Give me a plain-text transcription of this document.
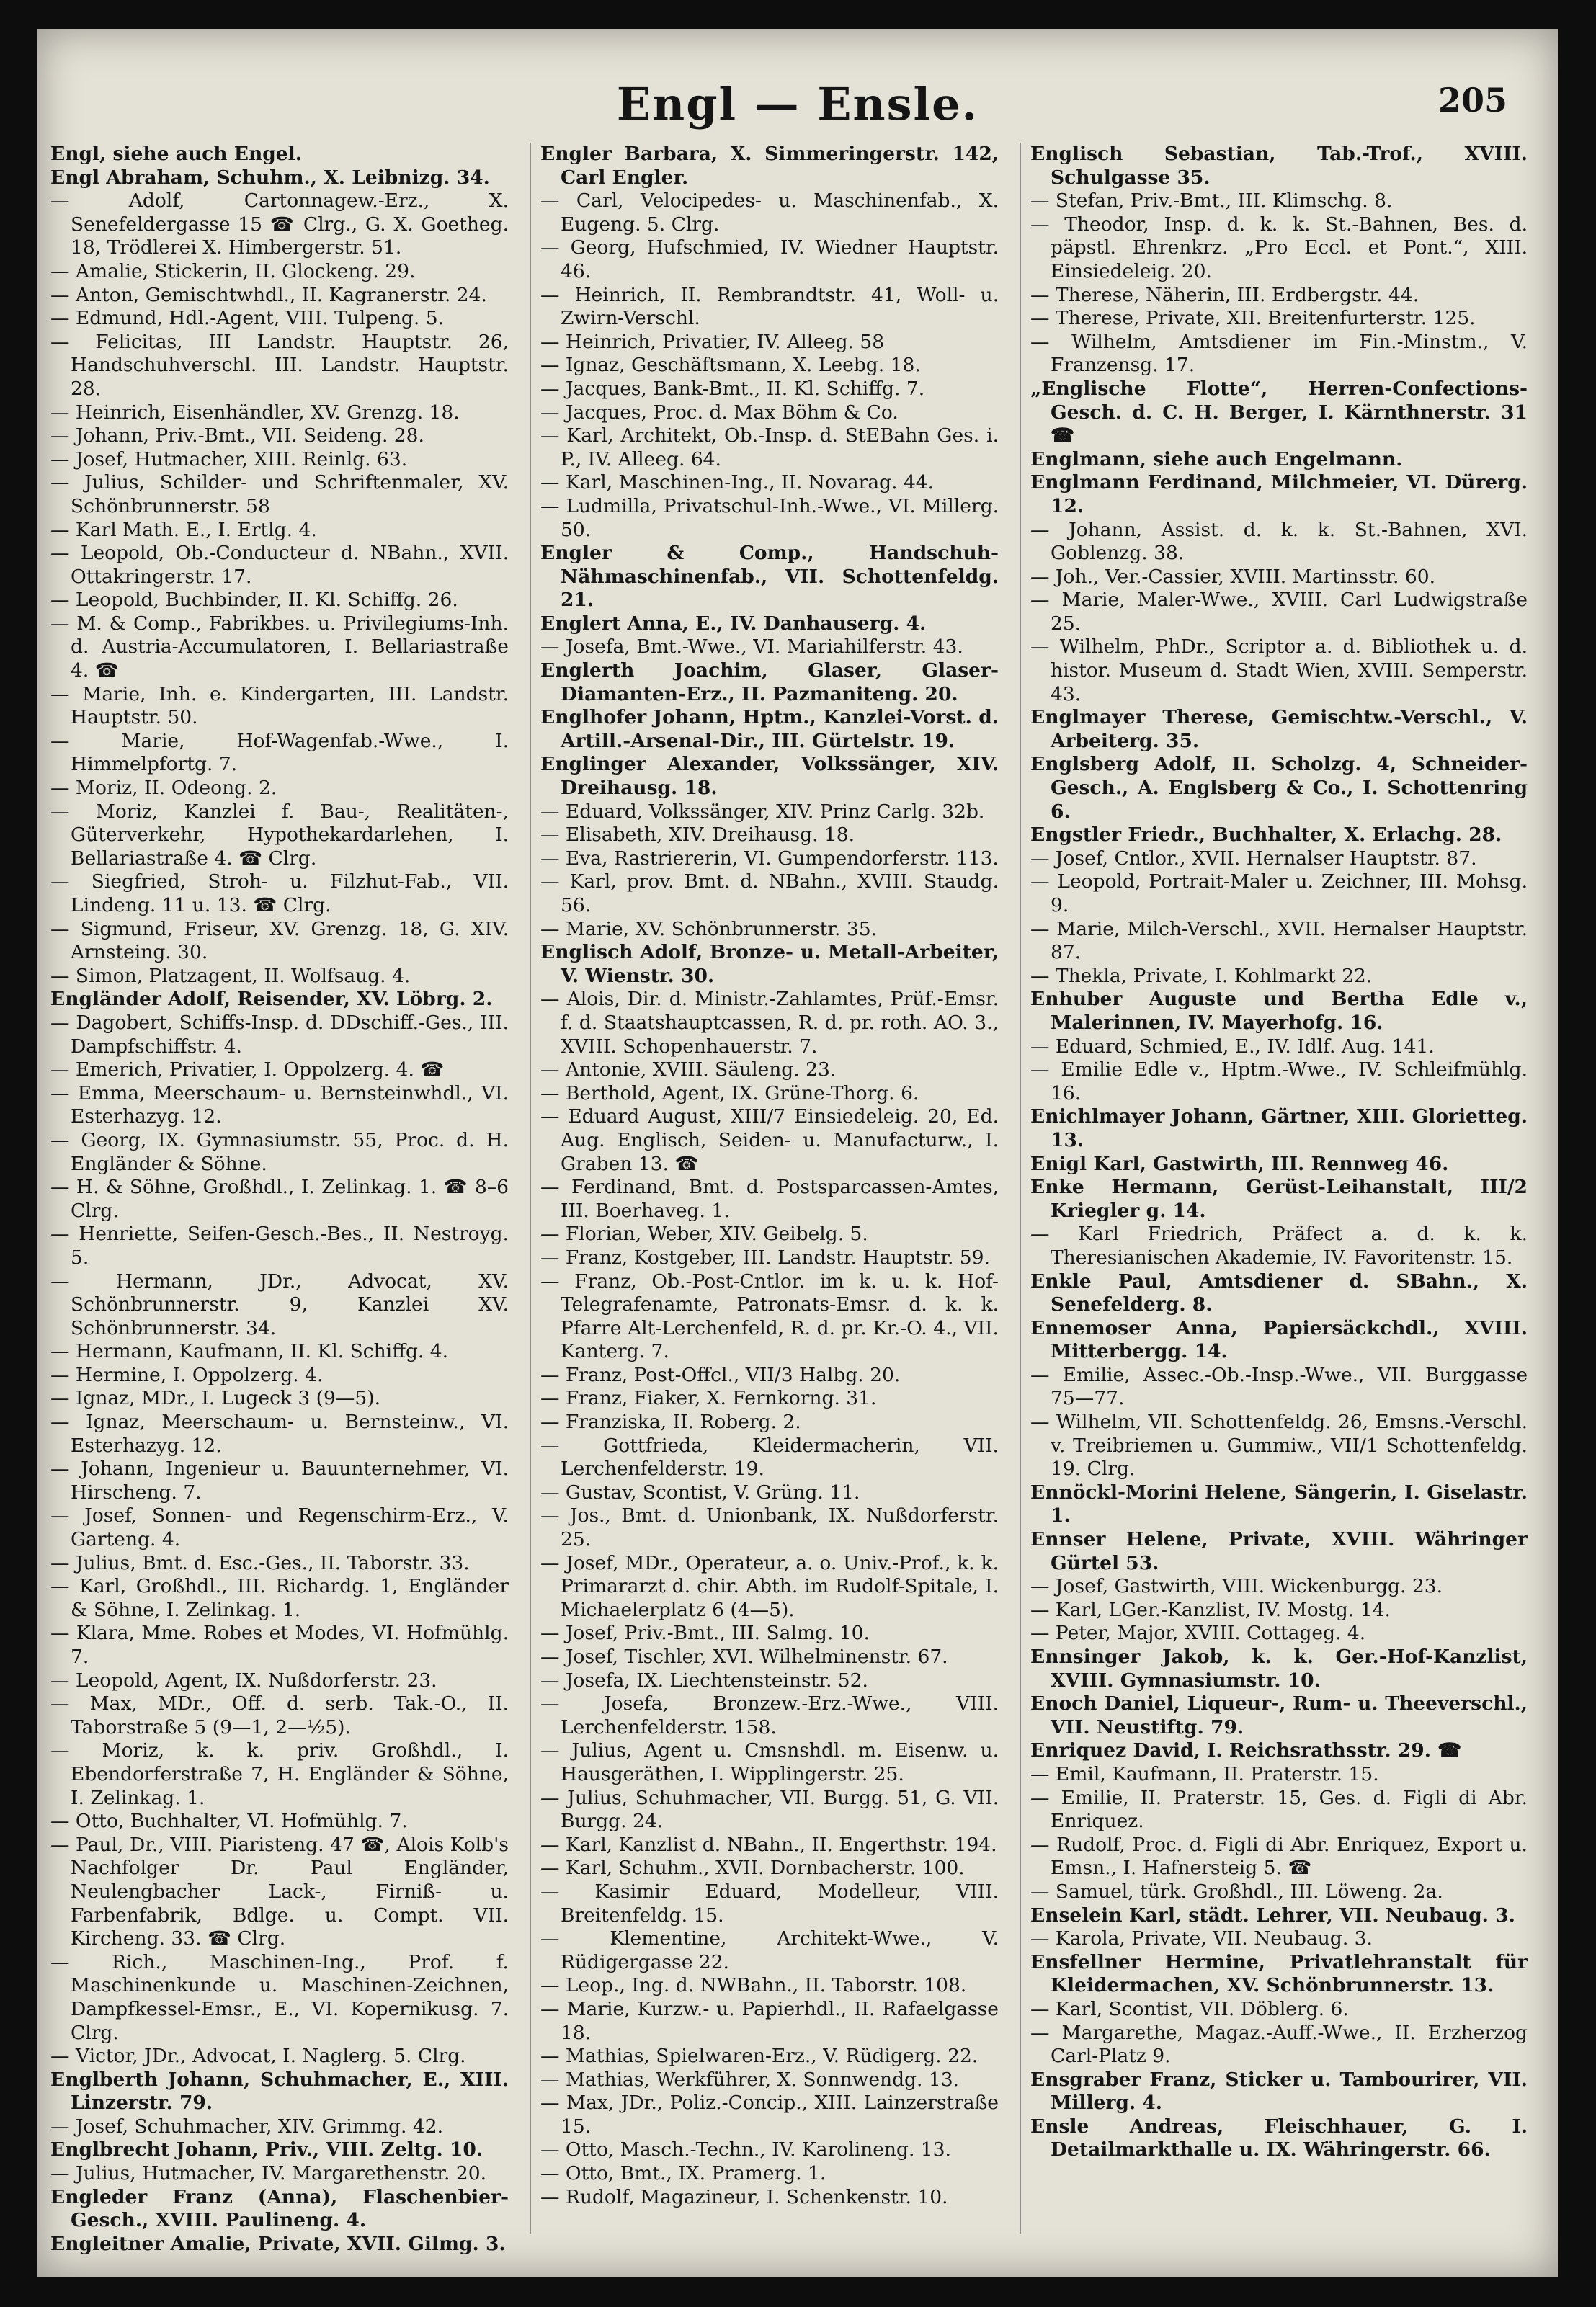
Engl — Ensle.	205

Engl, siehe auch Engel.

Engl Abraham, Schuhm., X. Leibnizg. 34.

— Adolf, Cartonnagew.-Erz., X. Senefeldergasse 15 ☎ Clrg., G. X. Goetheg. 18, Trödlerei X. Himbergerstr. 51.

— Amalie, Stickerin, II. Glockeng. 29.

— Anton, Gemischtwhdl., II. Kagranerstr. 24.

— Edmund, Hdl.-Agent, VIII. Tulpeng. 5.

— Felicitas, III Landstr. Hauptstr. 26, Handschuhverschl. III. Landstr. Hauptstr. 28.

— Heinrich, Eisenhändler, XV. Grenzg. 18.

— Johann, Priv.-Bmt., VII. Seideng. 28.

— Josef, Hutmacher, XIII. Reinlg. 63.

— Julius, Schilder- und Schriftenmaler, XV. Schönbrunnerstr. 58

— Karl Math. E., I. Ertlg. 4.

— Leopold, Ob.-Conducteur d. NBahn., XVII. Ottakringerstr. 17.

— Leopold, Buchbinder, II. Kl. Schiffg. 26.

— M. & Comp., Fabrikbes. u. Privilegiums-Inh. d. Austria-Accumulatoren, I. Bellariastraße 4. ☎

— Marie, Inh. e. Kindergarten, III. Landstr. Hauptstr. 50.

— Marie, Hof-Wagenfab.-Wwe., I. Himmelpfortg. 7.

— Moriz, II. Odeong. 2.

— Moriz, Kanzlei f. Bau-, Realitäten-, Güterverkehr, Hypothekardarlehen, I. Bellariastraße 4. ☎ Clrg.

— Siegfried, Stroh- u. Filzhut-Fab., VII. Lindeng. 11 u. 13. ☎ Clrg.

— Sigmund, Friseur, XV. Grenzg. 18, G. XIV. Arnsteing. 30.

— Simon, Platzagent, II. Wolfsaug. 4.

Engländer Adolf, Reisender, XV. Löbrg. 2.

— Dagobert, Schiffs-Insp. d. DDschiff.-Ges., III. Dampfschiffstr. 4.

— Emerich, Privatier, I. Oppolzerg. 4. ☎

— Emma, Meerschaum- u. Bernsteinwhdl., VI. Esterhazyg. 12.

— Georg, IX. Gymnasiumstr. 55, Proc. d. H. Engländer & Söhne.

— H. & Söhne, Großhdl., I. Zelinkag. 1. ☎ 8–6 Clrg.

— Henriette, Seifen-Gesch.-Bes., II. Nestroyg. 5.

— Hermann, JDr., Advocat, XV. Schönbrunnerstr. 9, Kanzlei XV. Schönbrunnerstr. 34.

— Hermann, Kaufmann, II. Kl. Schiffg. 4.

— Hermine, I. Oppolzerg. 4.

— Ignaz, MDr., I. Lugeck 3 (9—5).

— Ignaz, Meerschaum- u. Bernsteinw., VI. Esterhazyg. 12.

— Johann, Ingenieur u. Bauunternehmer, VI. Hirscheng. 7.

— Josef, Sonnen- und Regenschirm-Erz., V. Garteng. 4.

— Julius, Bmt. d. Esc.-Ges., II. Taborstr. 33.

— Karl, Großhdl., III. Richardg. 1, Engländer & Söhne, I. Zelinkag. 1.

— Klara, Mme. Robes et Modes, VI. Hofmühlg. 7.

— Leopold, Agent, IX. Nußdorferstr. 23.

— Max, MDr., Off. d. serb. Tak.-O., II. Taborstraße 5 (9—1, 2—½5).

— Moriz, k. k. priv. Großhdl., I. Ebendorferstraße 7, H. Engländer & Söhne, I. Zelinkag. 1.

— Otto, Buchhalter, VI. Hofmühlg. 7.

— Paul, Dr., VIII. Piaristeng. 47 ☎, Alois Kolb's Nachfolger Dr. Paul Engländer, Neulengbacher Lack-, Firniß- u. Farbenfabrik, Bdlge. u. Compt. VII. Kircheng. 33. ☎ Clrg.

— Rich., Maschinen-Ing., Prof. f. Maschinenkunde u. Maschinen-Zeichnen, Dampfkessel-Emsr., E., VI. Kopernikusg. 7. Clrg.

— Victor, JDr., Advocat, I. Naglerg. 5. Clrg.

Englberth Johann, Schuhmacher, E., XIII. Linzerstr. 79.

— Josef, Schuhmacher, XIV. Grimmg. 42.

Englbrecht Johann, Priv., VIII. Zeltg. 10.

— Julius, Hutmacher, IV. Margarethenstr. 20.

Engleder Franz (Anna), Flaschenbier-Gesch., XVIII. Paulineng. 4.

Engleitner Amalie, Private, XVII. Gilmg. 3.

Engler Barbara, X. Simmeringerstr. 142, Carl Engler.

— Carl, Velocipedes- u. Maschinenfab., X. Eugeng. 5. Clrg.

— Georg, Hufschmied, IV. Wiedner Hauptstr. 46.

— Heinrich, II. Rembrandtstr. 41, Woll- u. Zwirn-Verschl.

— Heinrich, Privatier, IV. Alleeg. 58

— Ignaz, Geschäftsmann, X. Leebg. 18.

— Jacques, Bank-Bmt., II. Kl. Schiffg. 7.

— Jacques, Proc. d. Max Böhm & Co.

— Karl, Architekt, Ob.-Insp. d. StEBahn Ges. i. P., IV. Alleeg. 64.

— Karl, Maschinen-Ing., II. Novarag. 44.

— Ludmilla, Privatschul-Inh.-Wwe., VI. Millerg. 50.

Engler & Comp., Handschuh-Nähmaschinenfab., VII. Schottenfeldg. 21.

Englert Anna, E., IV. Danhauserg. 4.

— Josefa, Bmt.-Wwe., VI. Mariahilferstr. 43.

Englerth Joachim, Glaser, Glaser-Diamanten-Erz., II. Pazmaniteng. 20.

Englhofer Johann, Hptm., Kanzlei-Vorst. d. Artill.-Arsenal-Dir., III. Gürtelstr. 19.

Englinger Alexander, Volkssänger, XIV. Dreihausg. 18.

— Eduard, Volkssänger, XIV. Prinz Carlg. 32b.

— Elisabeth, XIV. Dreihausg. 18.

— Eva, Rastriererin, VI. Gumpendorferstr. 113.

— Karl, prov. Bmt. d. NBahn., XVIII. Staudg. 56.

— Marie, XV. Schönbrunnerstr. 35.

Englisch Adolf, Bronze- u. Metall-Arbeiter, V. Wienstr. 30.

— Alois, Dir. d. Ministr.-Zahlamtes, Prüf.-Emsr. f. d. Staatshauptcassen, R. d. pr. roth. AO. 3., XVIII. Schopenhauerstr. 7.

— Antonie, XVIII. Säuleng. 23.

— Berthold, Agent, IX. Grüne-Thorg. 6.

— Eduard August, XIII/7 Einsiedeleig. 20, Ed. Aug. Englisch, Seiden- u. Manufacturw., I. Graben 13. ☎

— Ferdinand, Bmt. d. Postsparcassen-Amtes, III. Boerhaveg. 1.

— Florian, Weber, XIV. Geibelg. 5.

— Franz, Kostgeber, III. Landstr. Hauptstr. 59.

— Franz, Ob.-Post-Cntlor. im k. u. k. Hof-Telegrafenamte, Patronats-Emsr. d. k. k. Pfarre Alt-Lerchenfeld, R. d. pr. Kr.-O. 4., VII. Kanterg. 7.

— Franz, Post-Offcl., VII/3 Halbg. 20.

— Franz, Fiaker, X. Fernkorng. 31.

— Franziska, II. Roberg. 2.

— Gottfrieda, Kleidermacherin, VII. Lerchenfelderstr. 19.

— Gustav, Scontist, V. Grüng. 11.

— Jos., Bmt. d. Unionbank, IX. Nußdorferstr. 25.

— Josef, MDr., Operateur, a. o. Univ.-Prof., k. k. Primararzt d. chir. Abth. im Rudolf-Spitale, I. Michaelerplatz 6 (4—5).

— Josef, Priv.-Bmt., III. Salmg. 10.

— Josef, Tischler, XVI. Wilhelminenstr. 67.

— Josefa, IX. Liechtensteinstr. 52.

— Josefa, Bronzew.-Erz.-Wwe., VIII. Lerchenfelderstr. 158.

— Julius, Agent u. Cmsnshdl. m. Eisenw. u. Hausgeräthen, I. Wipplingerstr. 25.

— Julius, Schuhmacher, VII. Burgg. 51, G. VII. Burgg. 24.

— Karl, Kanzlist d. NBahn., II. Engerthstr. 194.

— Karl, Schuhm., XVII. Dornbacherstr. 100.

— Kasimir Eduard, Modelleur, VIII. Breitenfeldg. 15.

— Klementine, Architekt-Wwe., V. Rüdigergasse 22.

— Leop., Ing. d. NWBahn., II. Taborstr. 108.

— Marie, Kurzw.- u. Papierhdl., II. Rafaelgasse 18.

— Mathias, Spielwaren-Erz., V. Rüdigerg. 22.

— Mathias, Werkführer, X. Sonnwendg. 13.

— Max, JDr., Poliz.-Concip., XIII. Lainzerstraße 15.

— Otto, Masch.-Techn., IV. Karolineng. 13.

— Otto, Bmt., IX. Pramerg. 1.

— Rudolf, Magazineur, I. Schenkenstr. 10.

Englisch Sebastian, Tab.-Trof., XVIII. Schulgasse 35.

— Stefan, Priv.-Bmt., III. Klimschg. 8.

— Theodor, Insp. d. k. k. St.-Bahnen, Bes. d. päpstl. Ehrenkrz. „Pro Eccl. et Pont.“, XIII. Einsiedeleig. 20.

— Therese, Näherin, III. Erdbergstr. 44.

— Therese, Private, XII. Breitenfurterstr. 125.

— Wilhelm, Amtsdiener im Fin.-Minstm., V. Franzensg. 17.

„Englische Flotte“, Herren-Confections-Gesch. d. C. H. Berger, I. Kärnthnerstr. 31 ☎

Englmann, siehe auch Engelmann.

Englmann Ferdinand, Milchmeier, VI. Dürerg. 12.

— Johann, Assist. d. k. k. St.-Bahnen, XVI. Goblenzg. 38.

— Joh., Ver.-Cassier, XVIII. Martinsstr. 60.

— Marie, Maler-Wwe., XVIII. Carl Ludwigstraße 25.

— Wilhelm, PhDr., Scriptor a. d. Bibliothek u. d. histor. Museum d. Stadt Wien, XVIII. Semperstr. 43.

Englmayer Therese, Gemischtw.-Verschl., V. Arbeiterg. 35.

Englsberg Adolf, II. Scholzg. 4, Schneider-Gesch., A. Englsberg & Co., I. Schottenring 6.

Engstler Friedr., Buchhalter, X. Erlachg. 28.

— Josef, Cntlor., XVII. Hernalser Hauptstr. 87.

— Leopold, Portrait-Maler u. Zeichner, III. Mohsg. 9.

— Marie, Milch-Verschl., XVII. Hernalser Hauptstr. 87.

— Thekla, Private, I. Kohlmarkt 22.

Enhuber Auguste und Bertha Edle v., Malerinnen, IV. Mayerhofg. 16.

— Eduard, Schmied, E., IV. Idlf. Aug. 141.

— Emilie Edle v., Hptm.-Wwe., IV. Schleifmühlg. 16.

Enichlmayer Johann, Gärtner, XIII. Glorietteg. 13.

Enigl Karl, Gastwirth, III. Rennweg 46.

Enke Hermann, Gerüst-Leihanstalt, III/2 Kriegler g. 14.

— Karl Friedrich, Präfect a. d. k. k. Theresianischen Akademie, IV. Favoritenstr. 15.

Enkle Paul, Amtsdiener d. SBahn., X. Senefelderg. 8.

Ennemoser Anna, Papiersäckchdl., XVIII. Mitterbergg. 14.

— Emilie, Assec.-Ob.-Insp.-Wwe., VII. Burggasse 75—77.

— Wilhelm, VII. Schottenfeldg. 26, Emsns.-Verschl. v. Treibriemen u. Gummiw., VII/1 Schottenfeldg. 19. Clrg.

Ennöckl-Morini Helene, Sängerin, I. Giselastr. 1.

Ennser Helene, Private, XVIII. Währinger Gürtel 53.

— Josef, Gastwirth, VIII. Wickenburgg. 23.

— Karl, LGer.-Kanzlist, IV. Mostg. 14.

— Peter, Major, XVIII. Cottageg. 4.

Ennsinger Jakob, k. k. Ger.-Hof-Kanzlist, XVIII. Gymnasiumstr. 10.

Enoch Daniel, Liqueur-, Rum- u. Theeverschl., VII. Neustiftg. 79.

Enriquez David, I. Reichsrathsstr. 29. ☎

— Emil, Kaufmann, II. Praterstr. 15.

— Emilie, II. Praterstr. 15, Ges. d. Figli di Abr. Enriquez.

— Rudolf, Proc. d. Figli di Abr. Enriquez, Export u. Emsn., I. Hafnersteig 5. ☎

— Samuel, türk. Großhdl., III. Löweng. 2a.

Enselein Karl, städt. Lehrer, VII. Neubaug. 3.

— Karola, Private, VII. Neubaug. 3.

Ensfellner Hermine, Privatlehranstalt für Kleidermachen, XV. Schönbrunnerstr. 13.

— Karl, Scontist, VII. Döblerg. 6.

— Margarethe, Magaz.-Auff.-Wwe., II. Erzherzog Carl-Platz 9.

Ensgraber Franz, Sticker u. Tambourirer, VII. Millerg. 4.

Ensle Andreas, Fleischhauer, G. I. Detailmarkthalle u. IX. Währingerstr. 66.
